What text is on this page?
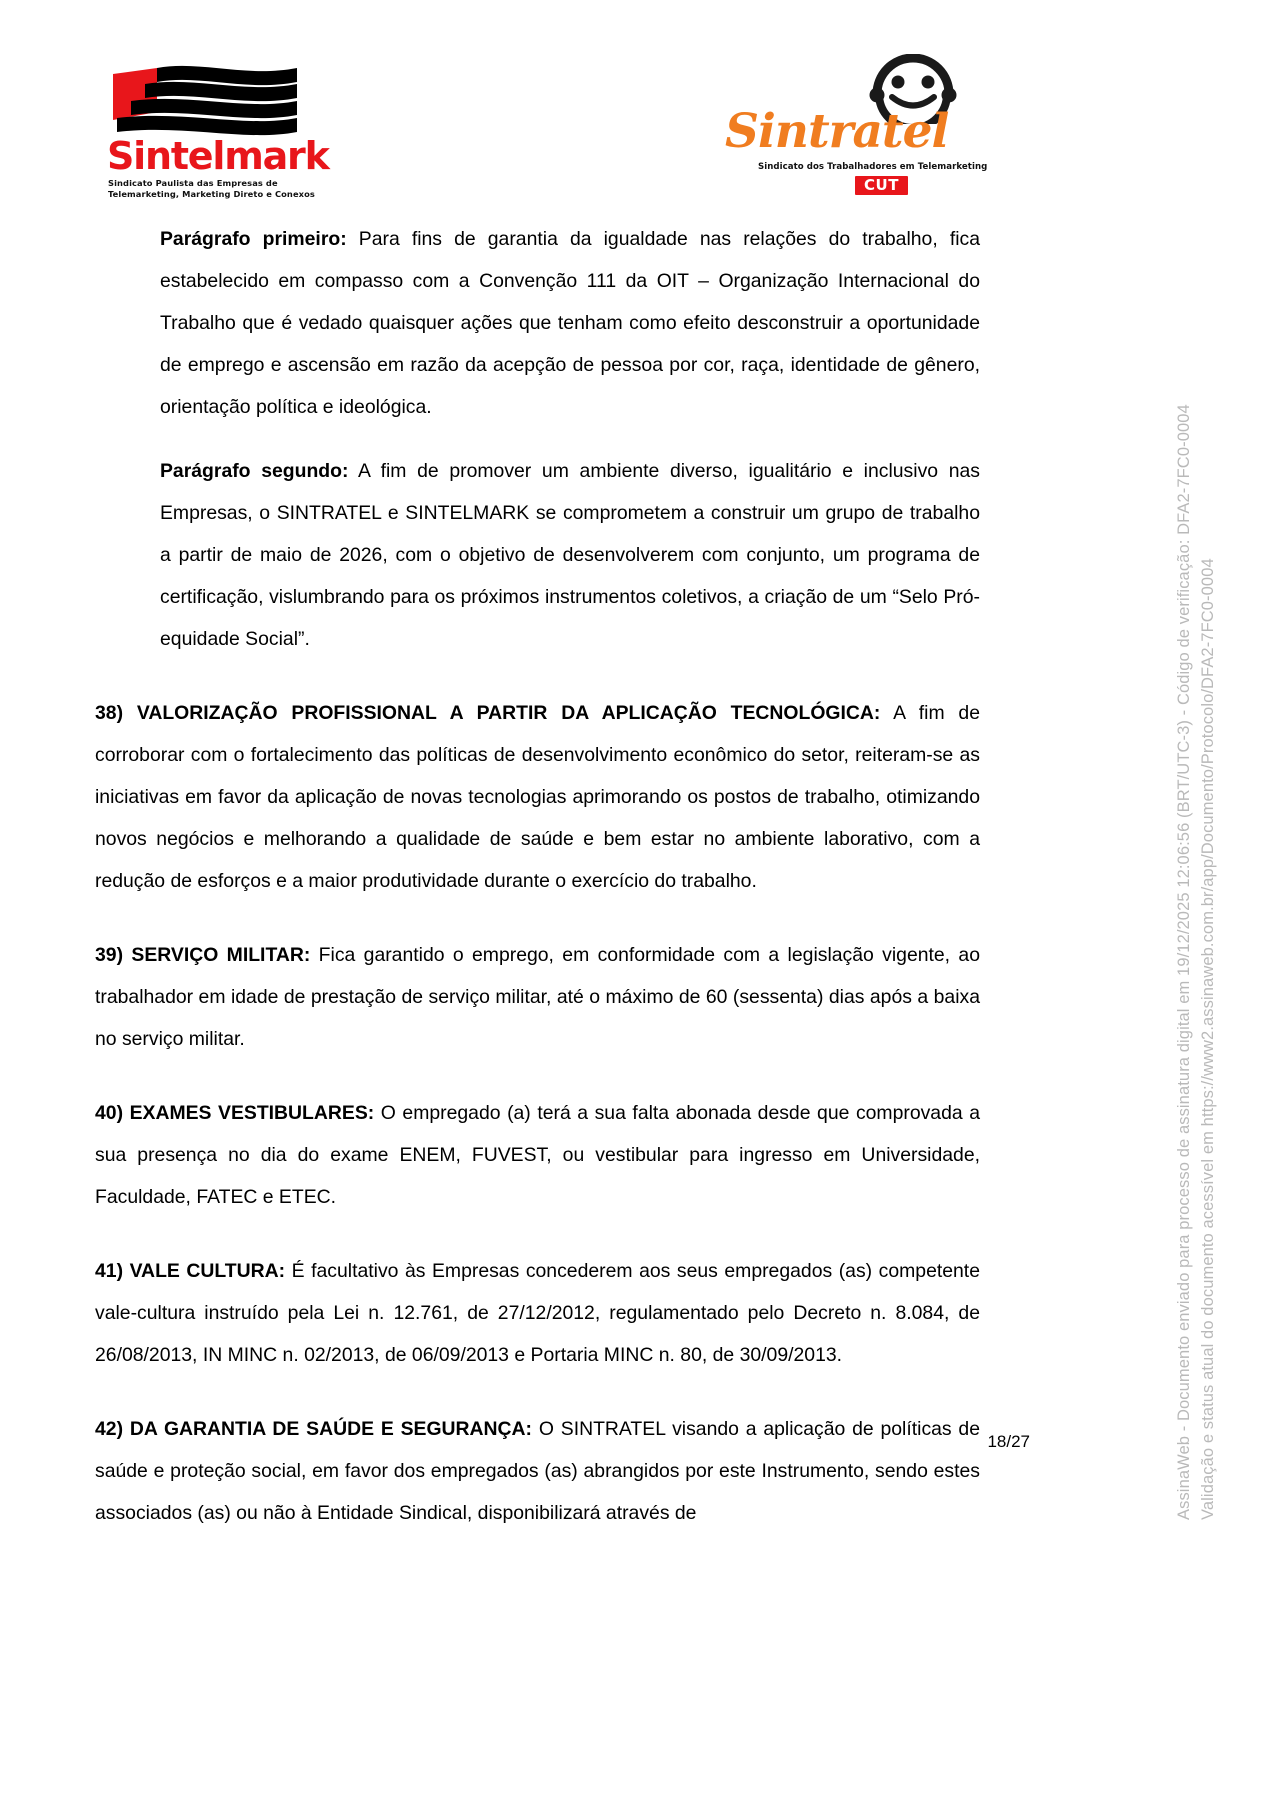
Sintelmark
Sindicato Paulista das Empresas de
Telemarketing, Marketing Direto e Conexos
Sintratel
Sindicato dos Trabalhadores em Telemarketing
CUT

Parágrafo primeiro: Para fins de garantia da igualdade nas relações do trabalho, fica estabelecido em compasso com a Convenção 111 da OIT – Organização Internacional do Trabalho que é vedado quaisquer ações que tenham como efeito desconstruir a oportunidade de emprego e ascensão em razão da acepção de pessoa por cor, raça, identidade de gênero, orientação política e ideológica.

Parágrafo segundo: A fim de promover um ambiente diverso, igualitário e inclusivo nas Empresas, o SINTRATEL e SINTELMARK se comprometem a construir um grupo de trabalho a partir de maio de 2026, com o objetivo de desenvolverem com conjunto, um programa de certificação, vislumbrando para os próximos instrumentos coletivos, a criação de um “Selo Pró-equidade Social”.

38) VALORIZAÇÃO PROFISSIONAL A PARTIR DA APLICAÇÃO TECNOLÓGICA: A fim de corroborar com o fortalecimento das políticas de desenvolvimento econômico do setor, reiteram-se as iniciativas em favor da aplicação de novas tecnologias aprimorando os postos de trabalho, otimizando novos negócios e melhorando a qualidade de saúde e bem estar no ambiente laborativo, com a redução de esforços e a maior produtividade durante o exercício do trabalho.

39) SERVIÇO MILITAR: Fica garantido o emprego, em conformidade com a legislação vigente, ao trabalhador em idade de prestação de serviço militar, até o máximo de 60 (sessenta) dias após a baixa no serviço militar.

40) EXAMES VESTIBULARES: O empregado (a) terá a sua falta abonada desde que comprovada a sua presença no dia do exame ENEM, FUVEST, ou vestibular para ingresso em Universidade, Faculdade, FATEC e ETEC.

41) VALE CULTURA: É facultativo às Empresas concederem aos seus empregados (as) competente vale-cultura instruído pela Lei n. 12.761, de 27/12/2012, regulamentado pelo Decreto n. 8.084, de 26/08/2013, IN MINC n. 02/2013, de 06/09/2013 e Portaria MINC n. 80, de 30/09/2013.

42) DA GARANTIA DE SAÚDE E SEGURANÇA: O SINTRATEL visando a aplicação de políticas de saúde e proteção social, em favor dos empregados (as) abrangidos por este Instrumento, sendo estes associados (as) ou não à Entidade Sindical, disponibilizará através de

18/27	AssinaWeb - Documento enviado para processo de assinatura digital em 19/12/2025 12:06:56 (BRT/UTC-3) - Código de verificação: DFA2-7FC0-0004 Validação e status atual do documento acessível em https://www2.assinaweb.com.br/app/Documento/Protocolo/DFA2-7FC0-0004
